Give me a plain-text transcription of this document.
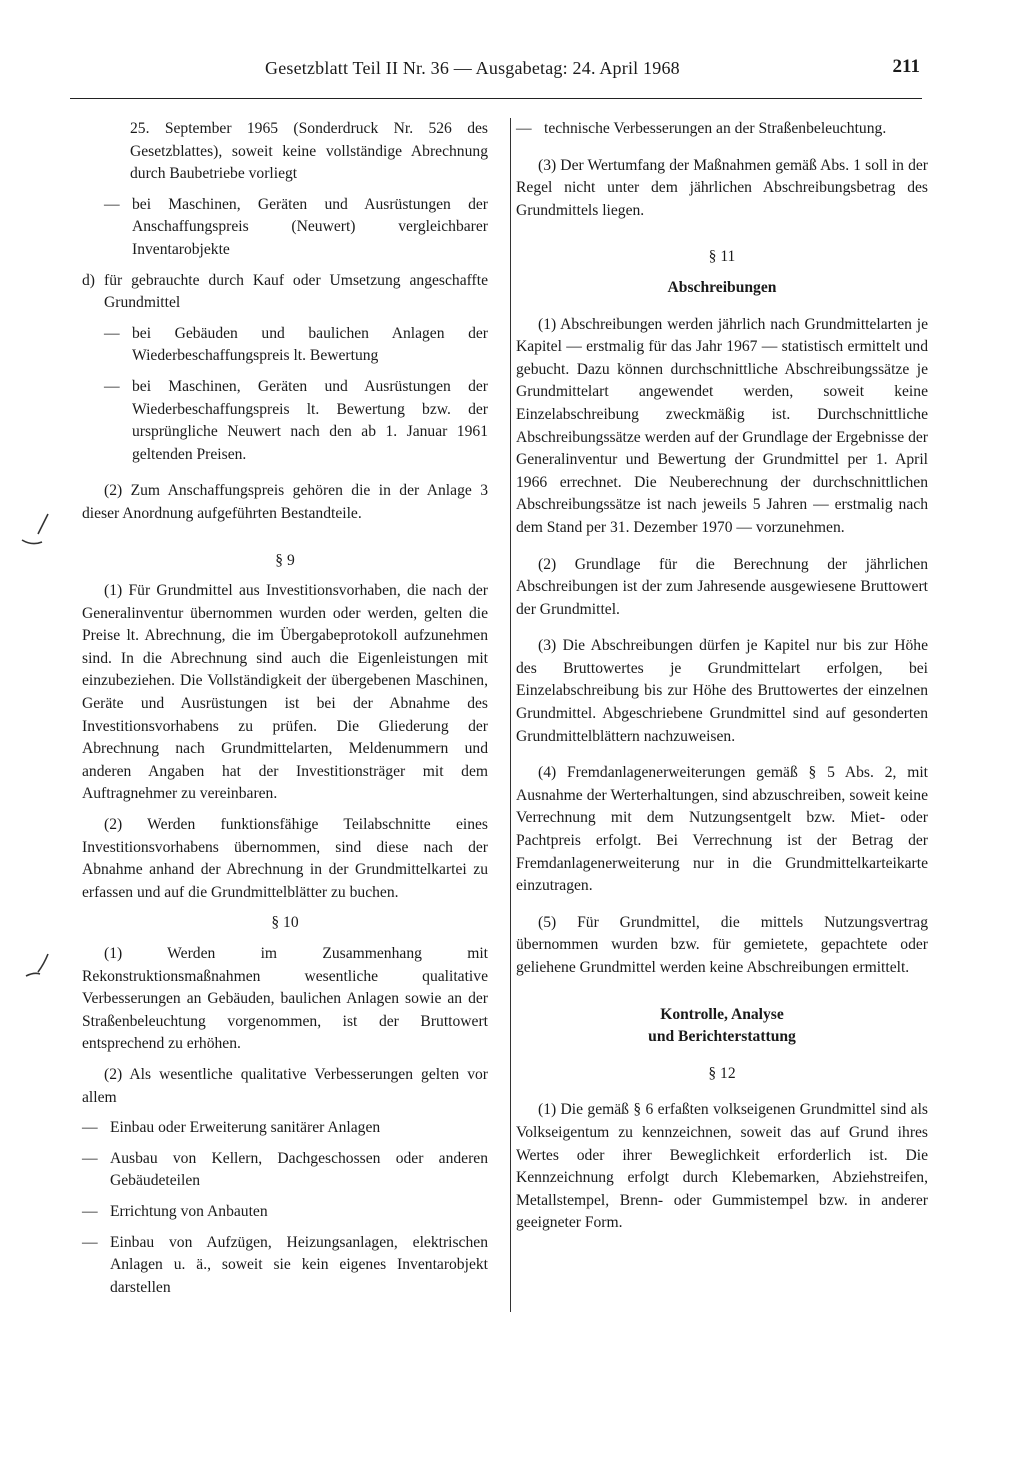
Gesetzblatt Teil II Nr. 36 — Ausgabetag: 24. April 1968	211

25. September 1965 (Sonderdruck Nr. 526 des Gesetzblattes), soweit keine vollständige Abrechnung durch Baubetriebe vorliegt

— bei Maschinen, Geräten und Ausrüstungen der Anschaffungspreis (Neuwert) vergleichbarer Inventarobjekte
d) für gebrauchte durch Kauf oder Umsetzung angeschaffte Grundmittel
— bei Gebäuden und baulichen Anlagen der Wiederbeschaffungspreis lt. Bewertung
— bei Maschinen, Geräten und Ausrüstungen der Wiederbeschaffungspreis lt. Bewertung bzw. der ursprüngliche Neuwert nach den ab 1. Januar 1961 geltenden Preisen.

(2) Zum Anschaffungspreis gehören die in der Anlage 3 dieser Anordnung aufgeführten Bestandteile.

§ 9

(1) Für Grundmittel aus Investitionsvorhaben, die nach der Generalinventur übernommen wurden oder werden, gelten die Preise lt. Abrechnung, die im Übergabeprotokoll aufzunehmen sind. In die Abrechnung sind auch die Eigenleistungen mit einzubeziehen. Die Vollständigkeit der übergebenen Maschinen, Geräte und Ausrüstungen ist bei der Abnahme des Investitionsvorhabens zu prüfen. Die Gliederung der Abrechnung nach Grundmittelarten, Meldenummern und anderen Angaben hat der Investitionsträger mit dem Auftragnehmer zu vereinbaren.

(2) Werden funktionsfähige Teilabschnitte eines Investitionsvorhabens übernommen, sind diese nach der Abnahme anhand der Abrechnung in der Grundmittelkartei zu erfassen und auf die Grundmittelblätter zu buchen.

§ 10

(1) Werden im Zusammenhang mit Rekonstruktionsmaßnahmen wesentliche qualitative Verbesserungen an Gebäuden, baulichen Anlagen sowie an der Straßenbeleuchtung vorgenommen, ist der Bruttowert entsprechend zu erhöhen.

(2) Als wesentliche qualitative Verbesserungen gelten vor allem

— Einbau oder Erweiterung sanitärer Anlagen
— Ausbau von Kellern, Dachgeschossen oder anderen Gebäudeteilen
— Errichtung von Anbauten
— Einbau von Aufzügen, Heizungsanlagen, elektrischen Anlagen u. ä., soweit sie kein eigenes Inventarobjekt darstellen
— technische Verbesserungen an der Straßenbeleuchtung.

(3) Der Wertumfang der Maßnahmen gemäß Abs. 1 soll in der Regel nicht unter dem jährlichen Abschreibungsbetrag des Grundmittels liegen.

§ 11

Abschreibungen

(1) Abschreibungen werden jährlich nach Grundmittelarten je Kapitel — erstmalig für das Jahr 1967 — statistisch ermittelt und gebucht. Dazu können durchschnittliche Abschreibungssätze je Grundmittelart angewendet werden, soweit keine Einzelabschreibung zweckmäßig ist. Durchschnittliche Abschreibungssätze werden auf der Grundlage der Ergebnisse der Generalinventur und Bewertung der Grundmittel per 1. April 1966 errechnet. Die Neuberechnung der durchschnittlichen Abschreibungssätze ist nach jeweils 5 Jahren — erstmalig nach dem Stand per 31. Dezember 1970 — vorzunehmen.

(2) Grundlage für die Berechnung der jährlichen Abschreibungen ist der zum Jahresende ausgewiesene Bruttowert der Grundmittel.

(3) Die Abschreibungen dürfen je Kapitel nur bis zur Höhe des Bruttowertes je Grundmittelart erfolgen, bei Einzelabschreibung bis zur Höhe des Bruttowertes der einzelnen Grundmittel. Abgeschriebene Grundmittel sind auf gesonderten Grundmittelblättern nachzuweisen.

(4) Fremdanlagenerweiterungen gemäß § 5 Abs. 2, mit Ausnahme der Werterhaltungen, sind abzuschreiben, soweit keine Verrechnung mit dem Nutzungsentgelt bzw. Miet- oder Pachtpreis erfolgt. Bei Verrechnung ist der Betrag der Fremdanlagenerweiterung nur in die Grundmittelkarteikarte einzutragen.

(5) Für Grundmittel, die mittels Nutzungsvertrag übernommen wurden bzw. für gemietete, gepachtete oder geliehene Grundmittel werden keine Abschreibungen ermittelt.

Kontrolle, Analyse

und Berichterstattung

§ 12

(1) Die gemäß § 6 erfaßten volkseigenen Grundmittel sind als Volkseigentum zu kennzeichnen, soweit das auf Grund ihres Wertes oder ihrer Beweglichkeit erforderlich ist. Die Kennzeichnung erfolgt durch Klebemarken, Abziehstreifen, Metallstempel, Brenn- oder Gummistempel bzw. in anderer geeigneter Form.
